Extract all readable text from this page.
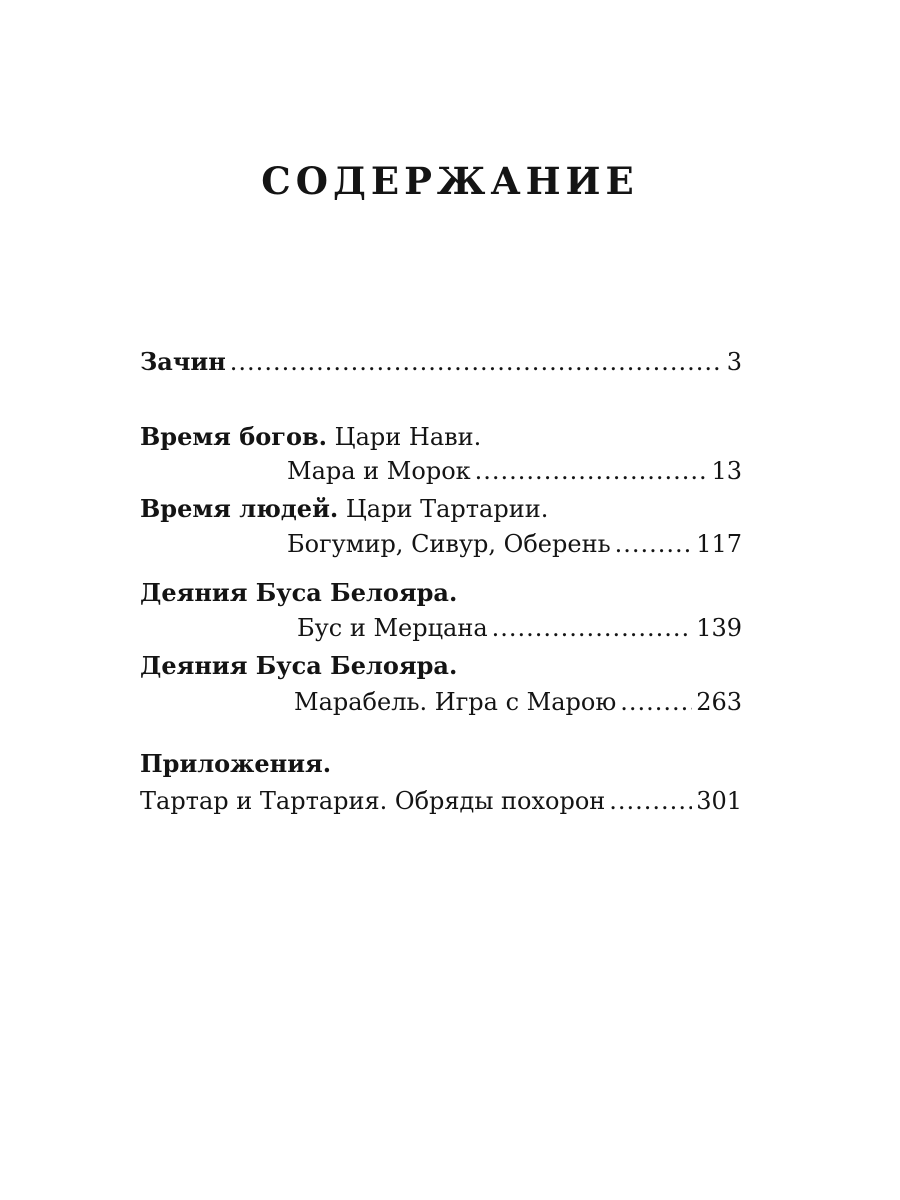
СОДЕРЖАНИЕ
Зачин .....	3
Время богов. Цари Нави.
Мара и Морок .....	13
Время людей. Цари Тартарии.
Богумир, Сивур, Оберень .....	117
Деяния Буса Белояра.
Бус и Мерцана .....	139
Деяния Буса Белояра.
Марабель. Игра с Марою .....	263
Приложения.
Тартар и Тартария. Обряды похорон .....	301
